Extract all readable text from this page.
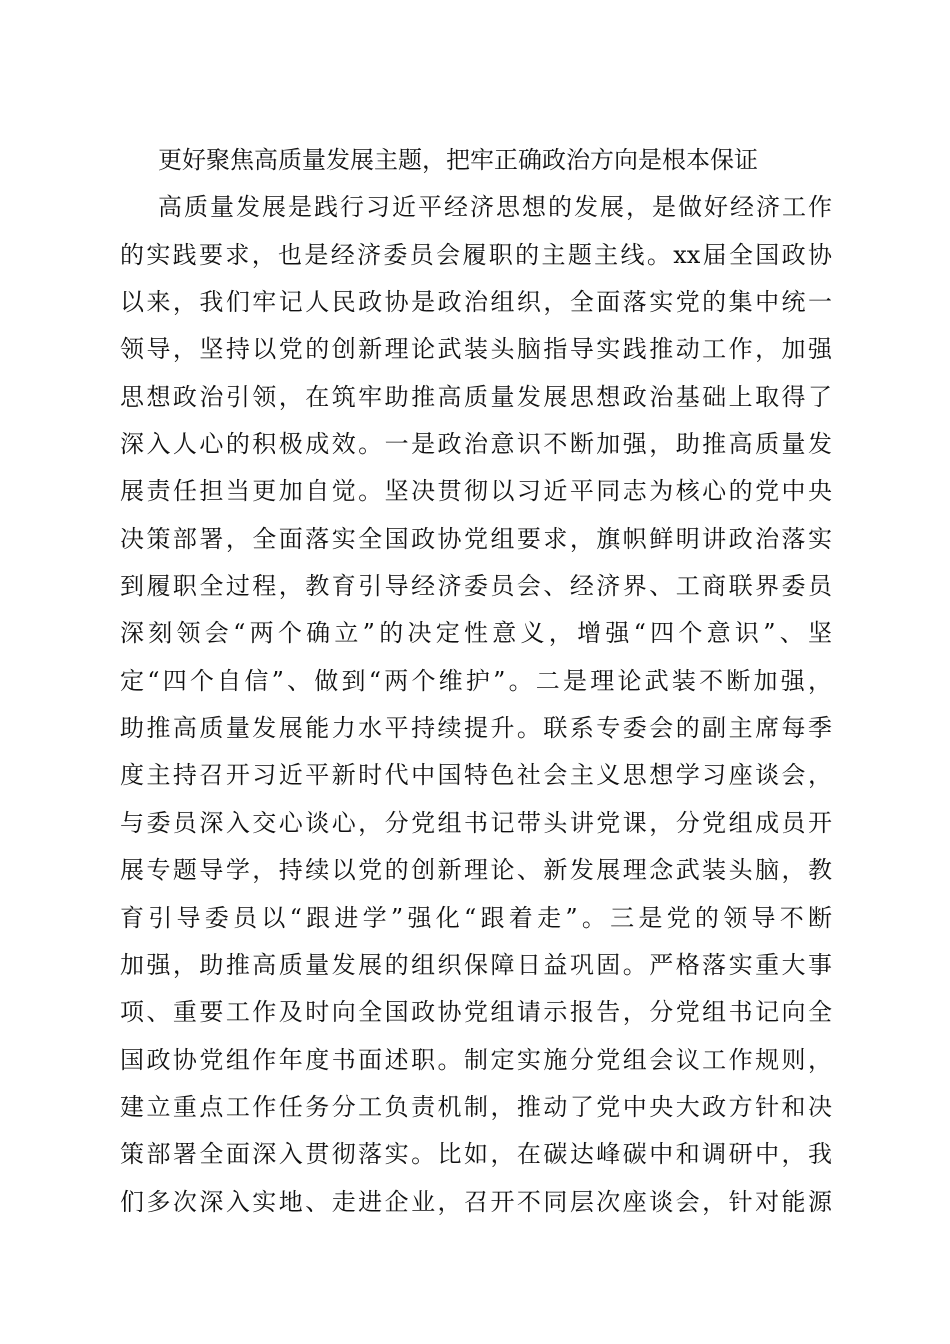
更好聚焦高质量发展主题，把牢正确政治方向是根本保证
高质量发展是践行习近平经济思想的发展，是做好经济工作
的实践要求，也是经济委员会履职的主题主线。xx届全国政协
以来，我们牢记人民政协是政治组织，全面落实党的集中统一
领导，坚持以党的创新理论武装头脑指导实践推动工作，加强
思想政治引领，在筑牢助推高质量发展思想政治基础上取得了
深入人心的积极成效。一是政治意识不断加强，助推高质量发
展责任担当更加自觉。坚决贯彻以习近平同志为核心的党中央
决策部署，全面落实全国政协党组要求，旗帜鲜明讲政治落实
到履职全过程，教育引导经济委员会、经济界、工商联界委员
深刻领会“两个确立”的决定性意义，增强“四个意识”、坚
定“四个自信”、做到“两个维护”。二是理论武装不断加强，
助推高质量发展能力水平持续提升。联系专委会的副主席每季
度主持召开习近平新时代中国特色社会主义思想学习座谈会，
与委员深入交心谈心，分党组书记带头讲党课，分党组成员开
展专题导学，持续以党的创新理论、新发展理念武装头脑，教
育引导委员以“跟进学”强化“跟着走”。三是党的领导不断
加强，助推高质量发展的组织保障日益巩固。严格落实重大事
项、重要工作及时向全国政协党组请示报告，分党组书记向全
国政协党组作年度书面述职。制定实施分党组会议工作规则，
建立重点工作任务分工负责机制，推动了党中央大政方针和决
策部署全面深入贯彻落实。比如，在碳达峰碳中和调研中，我
们多次深入实地、走进企业，召开不同层次座谈会，针对能源
